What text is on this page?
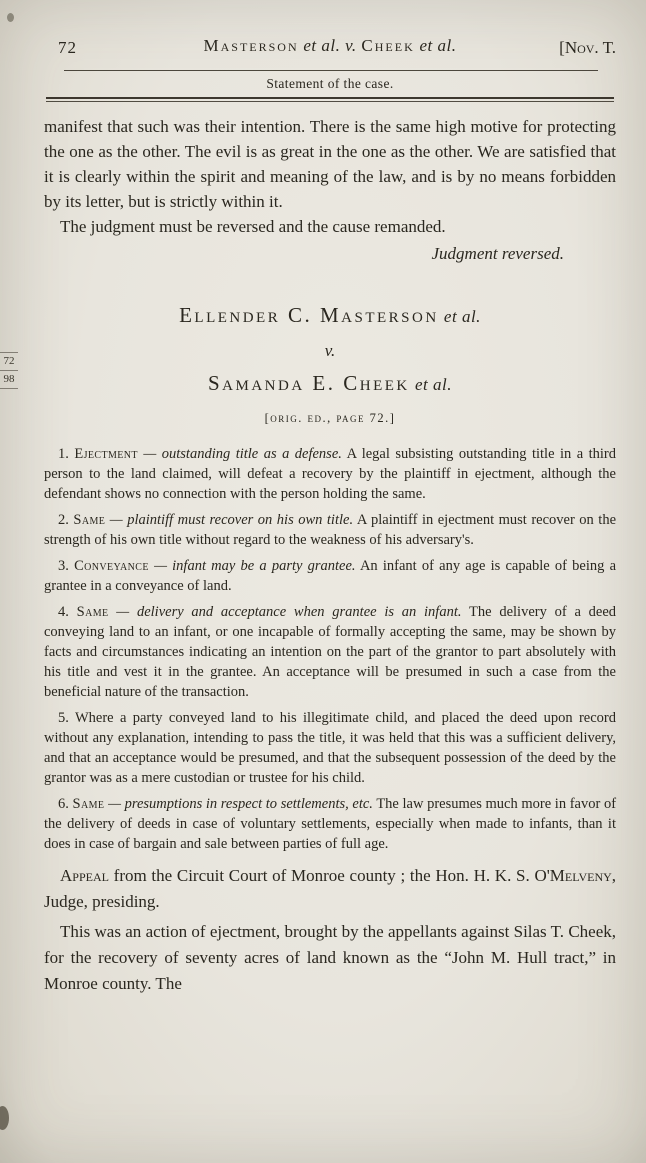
72
98
72	Masterson et al. v. Cheek et al.	[Nov. T.
Statement of the case.

manifest that such was their intention. There is the same high motive for protecting the one as the other. The evil is as great in the one as the other. We are satisfied that it is clearly within the spirit and meaning of the law, and is by no means forbidden by its letter, but is strictly within it.

The judgment must be reversed and the cause remanded.

Judgment reversed.

Ellender C. Masterson et al.
v.
Samanda E. Cheek et al.
[orig. ed., page 72.]

1. Ejectment — outstanding title as a defense. A legal subsisting outstanding title in a third person to the land claimed, will defeat a recovery by the plaintiff in ejectment, although the defendant shows no connection with the person holding the same.

2. Same — plaintiff must recover on his own title. A plaintiff in ejectment must recover on the strength of his own title without regard to the weakness of his adversary's.

3. Conveyance — infant may be a party grantee. An infant of any age is capable of being a grantee in a conveyance of land.

4. Same — delivery and acceptance when grantee is an infant. The delivery of a deed conveying land to an infant, or one incapable of formally accepting the same, may be shown by facts and circumstances indicating an intention on the part of the grantor to part absolutely with his title and vest it in the grantee. An acceptance will be presumed in such a case from the beneficial nature of the transaction.

5. Where a party conveyed land to his illegitimate child, and placed the deed upon record without any explanation, intending to pass the title, it was held that this was a sufficient delivery, and that an acceptance would be presumed, and that the subsequent possession of the deed by the grantor was as a mere custodian or trustee for his child.

6. Same — presumptions in respect to settlements, etc. The law presumes much more in favor of the delivery of deeds in case of voluntary settlements, especially when made to infants, than it does in case of bargain and sale between parties of full age.

Appeal from the Circuit Court of Monroe county ; the Hon. H. K. S. O'Melveny, Judge, presiding.

This was an action of ejectment, brought by the appellants against Silas T. Cheek, for the recovery of seventy acres of land known as the “John M. Hull tract,” in Monroe county. The
